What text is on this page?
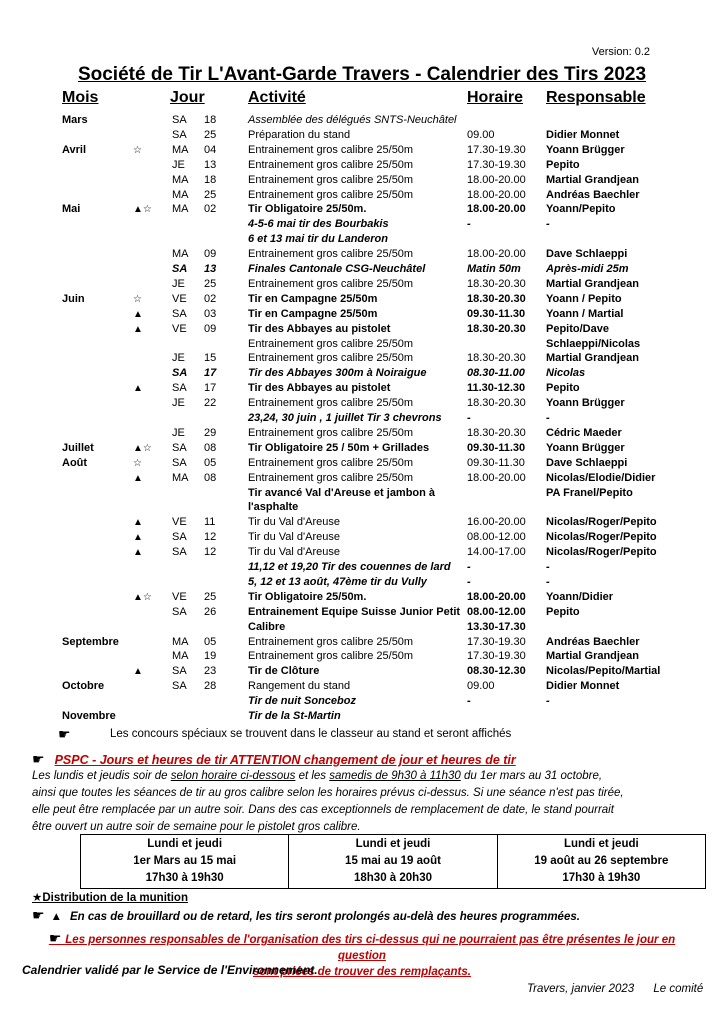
Version: 0.2
Société de Tir L'Avant-Garde Travers - Calendrier des Tirs 2023
Mois	Jour	Activité	Horaire Responsable
Mars	SA 18	Assemblée des délégués SNTS-Neuchâtel
SA 25	Préparation du stand	09.00	Didier Monnet
Avril	☆	MA 04	Entrainement gros calibre 25/50m	17.30-19.30 Yoann Brügger
JE 13	Entrainement gros calibre 25/50m	17.30-19.30 Pepito
MA 18	Entrainement gros calibre 25/50m	18.00-20.00 Martial Grandjean
MA 25	Entrainement gros calibre 25/50m	18.00-20.00 Andréas Baechler
Mai	▲☆ MA 02	Tir Obligatoire 25/50m.	18.00-20.00 Yoann/Pepito
4-5-6 mai tir des Bourbakis	-	-
6 et 13 mai tir du Landeron
MA 09	Entrainement gros calibre 25/50m	18.00-20.00 Dave Schlaeppi
SA 13	Finales Cantonale CSG-Neuchâtel	Matin 50m Après-midi 25m
JE 25	Entrainement gros calibre 25/50m	18.30-20.30 Martial Grandjean
Juin	☆	VE 02	Tir en Campagne 25/50m	18.30-20.30 Yoann / Pepito
▲	SA 03	Tir en Campagne 25/50m	09.30-11.30 Yoann / Martial
▲	VE 09	Tir des Abbayes au pistolet	18.30-20.30 Pepito/Dave
Entrainement gros calibre 25/50m	Schlaeppi/Nicolas
JE 15	Entrainement gros calibre 25/50m	18.30-20.30 Martial Grandjean
SA 17	Tir des Abbayes 300m à Noiraigue	08.30-11.00 Nicolas
▲	SA 17	Tir des Abbayes au pistolet	11.30-12.30 Pepito
JE 22	Entrainement gros calibre 25/50m	18.30-20.30 Yoann Brügger
23,24, 30 juin , 1 juillet Tir 3 chevrons -	-
JE 29	Entrainement gros calibre 25/50m	18.30-20.30 Cédric Maeder
Juillet	▲☆ SA 08	Tir Obligatoire 25 / 50m + Grillades	09.30-11.30 Yoann Brügger
Août	☆	SA 05	Entrainement gros calibre 25/50m	09.30-11.30 Dave Schlaeppi
▲	MA 08	Entrainement gros calibre 25/50m	18.00-20.00 Nicolas/Elodie/Didier
Tir avancé Val d'Areuse et jambon à	PA Franel/Pepito
l'asphalte
▲	VE 11	Tir du Val d'Areuse	16.00-20.00 Nicolas/Roger/Pepito
▲	SA 12	Tir du Val d'Areuse	08.00-12.00 Nicolas/Roger/Pepito
▲	SA 12	Tir du Val d'Areuse	14.00-17.00 Nicolas/Roger/Pepito
11,12 et 19,20 Tir des couennes de lard -	-
5, 12 et 13 août, 47ème tir du Vully	-	-
▲☆ VE 25	Tir Obligatoire 25/50m.	18.00-20.00 Yoann/Didier
SA 26	Entrainement Equipe Suisse Junior Petit 08.00-12.00 Pepito
Calibre	13.30-17.30
Septembre	MA 05	Entrainement gros calibre 25/50m	17.30-19.30 Andréas Baechler
MA 19	Entrainement gros calibre 25/50m	17.30-19.30 Martial Grandjean
▲	SA 23	Tir de Clôture	08.30-12.30 Nicolas/Pepito/Martial
Octobre	SA 28	Rangement du stand	09.00	Didier Monnet
Tir de nuit Sonceboz	-	-
Novembre	Tir de la St-Martin
☛	Les concours spéciaux se trouvent dans le classeur au stand et seront affichés
☛ PSPC - Jours et heures de tir ATTENTION changement de jour et heures de tir

Les lundis et jeudis soir de selon horaire ci-dessous et les samedis de 9h30 à 11h30 du 1er mars au 31 octobre,

ainsi que toutes les séances de tir au gros calibre selon les horaires prévus ci-dessus. Si une séance n'est pas tirée,

elle peut être remplacée par un autre soir. Dans des cas exceptionnels de remplacement de date, le stand pourrait

être ouvert un autre soir de semaine pour le pistolet gros calibre.

Lundi et jeudi
1er Mars au 15 mai
17h30 à 19h30

Lundi et jeudi
15 mai au 19 août
18h30 à 20h30

Lundi et jeudi
19 août au 26 septembre
17h30 à 19h30
★Distribution de la munition
☛ ▲ En cas de brouillard ou de retard, les tirs seront prolongés au-delà des heures programmées.
☛ Les personnes responsables de l'organisation des tirs ci-dessus qui ne pourraient pas être présentes le jour en question
sont priées de trouver des remplaçants.
Calendrier validé par le Service de l'Environnement.
Travers, janvier 2023 Le comité
